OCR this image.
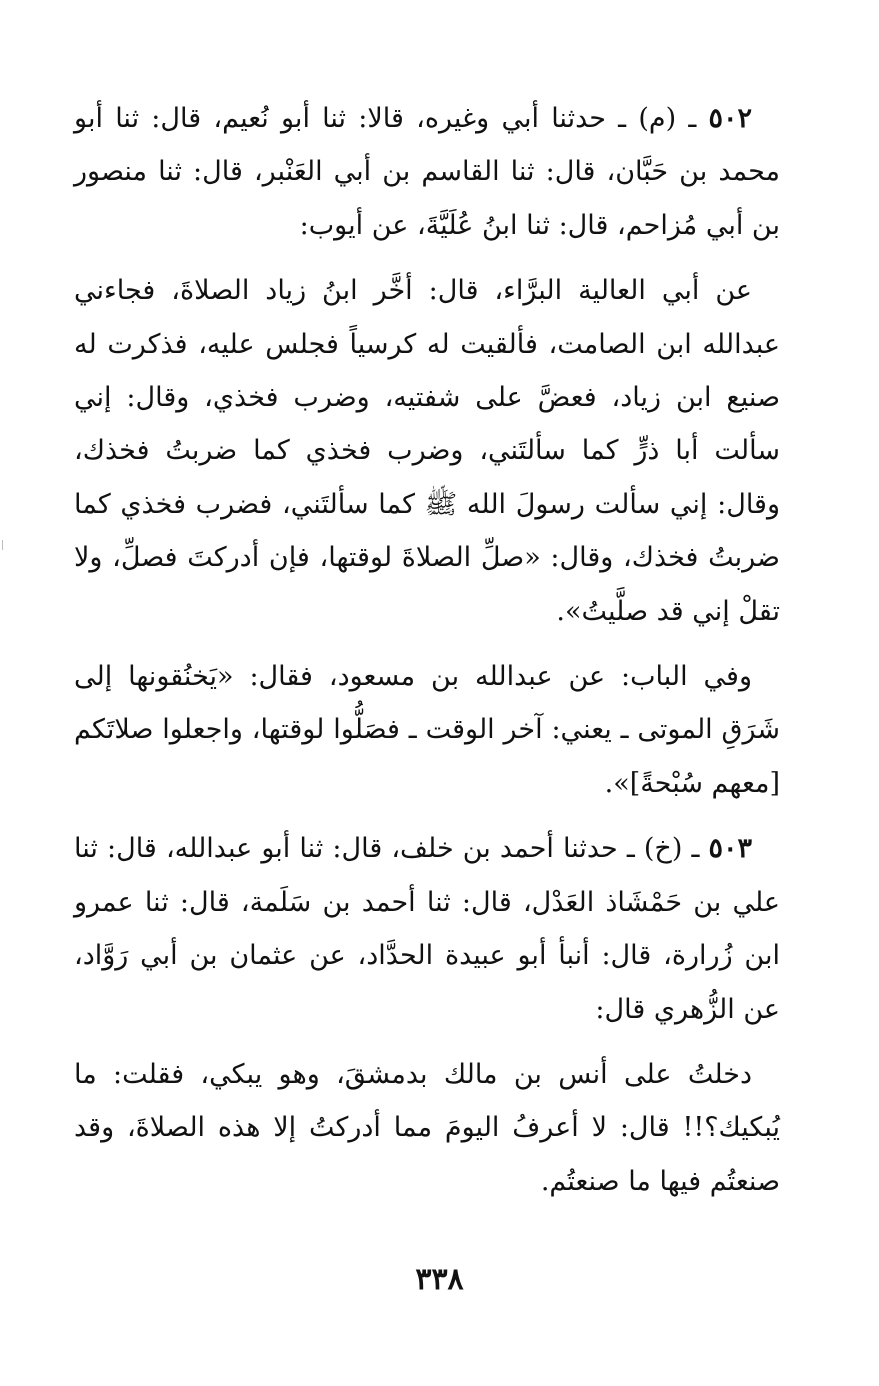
٥٠٢ ـ (م) ـ حدثنا أبي وغيره، قالا: ثنا أبو نُعيم، قال: ثنا أبو محمد بن حَبَّان، قال: ثنا القاسم بن أبي العَنْبر، قال: ثنا منصور بن أبي مُزاحم، قال: ثنا ابنُ عُلَيَّةَ، عن أيوب:

عن أبي العالية البرَّاء، قال: أخَّر ابنُ زياد الصلاةَ، فجاءني عبدالله ابن الصامت، فألقيت له كرسياً فجلس عليه، فذكرت له صنيع ابن زياد، فعضَّ على شفتيه، وضرب فخذي، وقال: إني سألت أبا ذرٍّ كما سألتَني، وضرب فخذي كما ضربتُ فخذك، وقال: إني سألت رسولَ الله ﷺ كما سألتَني، فضرب فخذي كما ضربتُ فخذك، وقال: «صلِّ الصلاةَ لوقتها، فإن أدركتَ فصلِّ، ولا تقلْ إني قد صلَّيتُ».

وفي الباب: عن عبدالله بن مسعود، فقال: «يَخنُقونها إلى شَرَقِ الموتى ـ يعني: آخر الوقت ـ فصَلُّوا لوقتها، واجعلوا صلاتَكم [معهم سُبْحةً]».

٥٠٣ ـ (خ) ـ حدثنا أحمد بن خلف، قال: ثنا أبو عبدالله، قال: ثنا علي بن حَمْشَاذ العَدْل، قال: ثنا أحمد بن سَلَمة، قال: ثنا عمرو ابن زُرارة، قال: أنبأ أبو عبيدة الحدَّاد، عن عثمان بن أبي رَوَّاد، عن الزُّهري قال:

دخلتُ على أنس بن مالك بدمشقَ، وهو يبكي، فقلت: ما يُبكيك؟!! قال: لا أعرفُ اليومَ مما أدركتُ إلا هذه الصلاةَ، وقد صنعتُم فيها ما صنعتُم.

٣٣٨
